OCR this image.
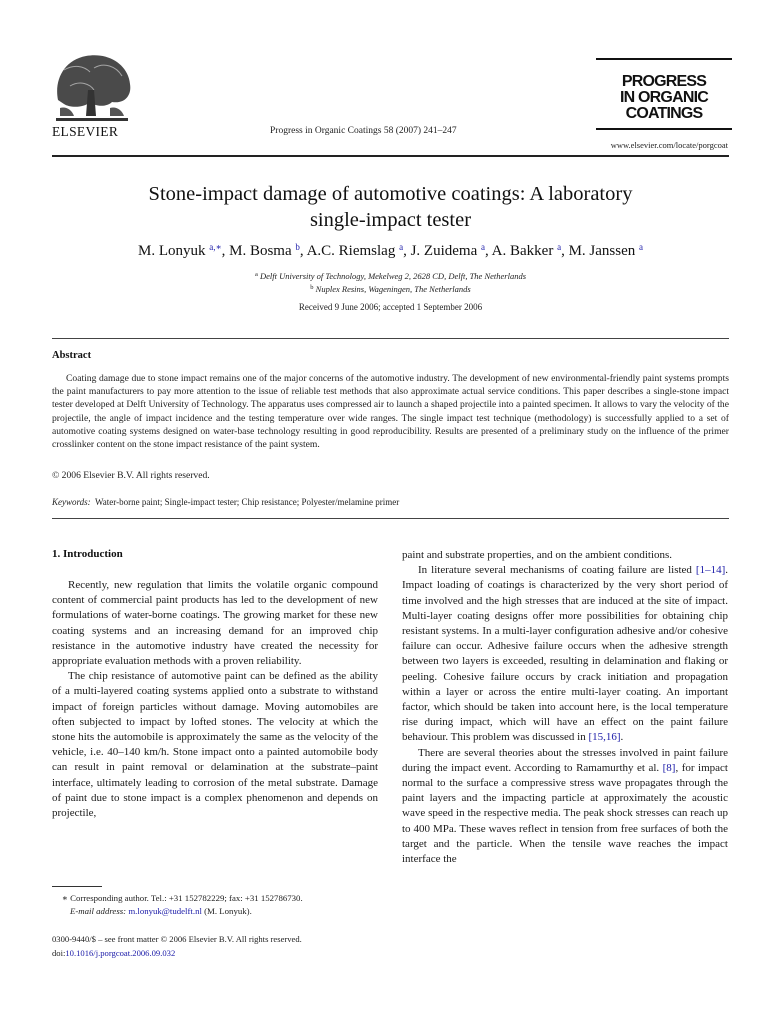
ELSEVIER	Progress in Organic Coatings 58 (2007) 241–247
PROGRESS
IN ORGANIC
COATINGS
www.elsevier.com/locate/porgcoat
Stone-impact damage of automotive coatings: A laboratory
single-impact tester
M. Lonyuk $^{a,∗}$, M. Bosma $^b$, A.C. Riemslag $^a$, J. Zuidema $^a$, A. Bakker $^a$, M. Janssen $^a$
$^a$ Delft University of Technology, Mekelweg 2, 2628 CD, Delft, The Netherlands
$^b$ Nuplex Resins, Wageningen, The Netherlands
Received 9 June 2006; accepted 1 September 2006
Abstract

Coating damage due to stone impact remains one of the major concerns of the automotive industry. The development of new environmental-friendly paint systems prompts the paint manufacturers to pay more attention to the issue of reliable test methods that also approximate actual service conditions. This paper describes a single-stone impact tester developed at Delft University of Technology. The apparatus uses compressed air to launch a shaped projectile into a painted specimen. It allows to vary the velocity of the projectile, the angle of impact incidence and the testing temperature over wide ranges. The single impact test technique (methodology) is successfully applied to a set of automotive coating systems designed on water-base technology resulting in good reproducibility. Results are presented of a preliminary study on the influence of the primer crosslinker content on the stone impact resistance of the paint system.

© 2006 Elsevier B.V. All rights reserved.
Keywords: Water-borne paint; Single-impact tester; Chip resistance; Polyester/melamine primer
1. Introduction

Recently, new regulation that limits the volatile organic compound content of commercial paint products has led to the development of new formulations of water-borne coatings. The growing market for these new coating systems and an increasing demand for an improved chip resistance in the automotive industry have created the necessity for appropriate evaluation methods with a proven reliability.

The chip resistance of automotive paint can be defined as the ability of a multi-layered coating systems applied onto a substrate to withstand impact of foreign particles without damage. Moving automobiles are often subjected to impact by lofted stones. The velocity at which the stone hits the automobile is approximately the same as the velocity of the vehicle, i.e. 40–140 km/h. Stone impact onto a painted automobile body can result in paint removal or delamination at the substrate–paint interface, ultimately leading to corrosion of the metal substrate. Damage of paint due to stone impact is a complex phenomenon and depends on projectile,

paint and substrate properties, and on the ambient conditions.

In literature several mechanisms of coating failure are listed [1–14]. Impact loading of coatings is characterized by the very short period of time involved and the high stresses that are induced at the site of impact. Multi-layer coating designs offer more possibilities for obtaining chip resistant systems. In a multi-layer configuration adhesive and/or cohesive failure can occur. Adhesive failure occurs when the adhesive strength between two layers is exceeded, resulting in delamination and flaking or peeling. Cohesive failure occurs by crack initiation and propagation within a layer or across the entire multi-layer coating. An important factor, which should be taken into account here, is the local temperature rise during impact, which will have an effect on the paint failure behaviour. This problem was discussed in [15,16].

There are several theories about the stresses involved in paint failure during the impact event. According to Ramamurthy et al. [8], for impact normal to the surface a compressive stress wave propagates through the paint layers and the impacting particle at approximately the acoustic wave speed in the respective media. The peak shock stresses can reach up to 400 MPa. These waves reflect in tension from free surfaces of both the target and the particle. When the tensile wave reaches the impact interface the

∗ Corresponding author. Tel.: +31 152782229; fax: +31 152786730.
E-mail address: m.lonyuk@tudelft.nl (M. Lonyuk).
0300-9440/$ – see front matter © 2006 Elsevier B.V. All rights reserved.
doi:10.1016/j.porgcoat.2006.09.032
